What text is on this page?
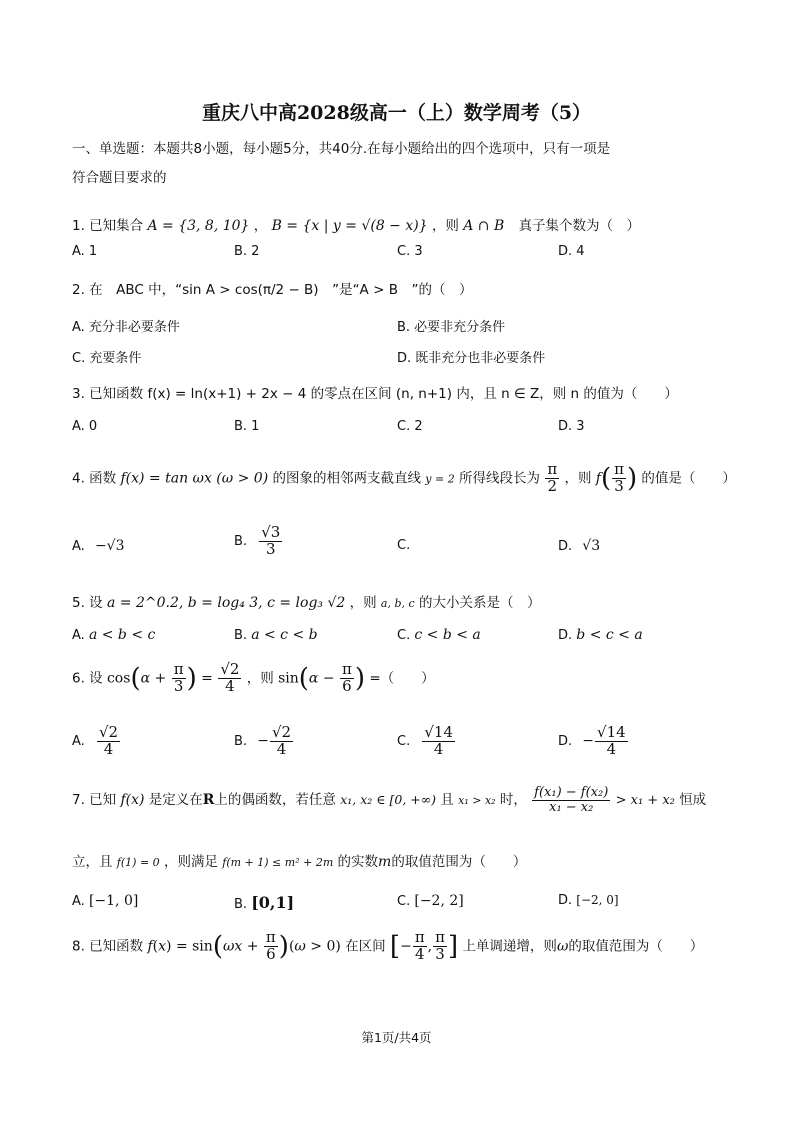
重庆八中高2028级高一（上）数学周考（5）
一、单选题：本题共8小题，每小题5分，共40分.在每小题给出的四个选项中，只有一项是
符合题目要求的
1. 已知集合 A = {3, 8, 10} ， B = {x | y = √(8 − x)} ，则 A ∩ B 真子集个数为（　）
A. 1	B. 2	C. 3	D. 4
2. 在　ABC 中，“sin A > cos(π/2 − B)　”是“A > B　”的（　）
A. 充分非必要条件	B. 必要非充分条件
C. 充要条件	D. 既非充分也非必要条件
3. 已知函数 f(x) = ln(x+1) + 2x − 4 的零点在区间 (n, n+1) 内，且 n ∈ Z，则 n 的值为（　　）
A. 0	B. 1	C. 2	D. 3
4. 函数 f(x) = tan ωx (ω > 0) 的图象的相邻两支截直线 y = 2 所得线段长为 $\frac{\pi}{2}$ ，则 $f( \frac{\pi}{3}$ ) 的值是（　　）
A. −√3	B. $\frac{√3}{3}$	C.	D. √3
5. 设 a = 2^0.2, b = log₄ 3, c = log₃ √2 ，则 a, b, c 的大小关系是（　）
A. a < b < c	B. a < c < b	C. c < b < a	D. b < c < a
6. 设 $\cos(\alpha + \frac{\pi}{3}$ ) = $\frac{√2}{4}$ ，则 $\sin(\alpha - \frac{\pi}{6}$ ) =（　　）
A. $\frac{√2}{4}$	B. − $\frac{√2}{4}$	C. $\frac{√14}{4}$	D. − $\frac{√14}{4}$
7. 已知 f(x) 是定义在R上的偶函数，若任意 x₁, x₂ ∈ [0, +∞) 且 x₁ > x₂ 时， $\frac{\text{f(x₁) − f(x₂)}}{\text{x₁ − x₂}} > x_1 + x_2$ 恒成
立，且 f(1) = 0 ，则满足 f(m + 1) ≤ m² + 2m 的实数m的取值范围为（　　）
A. [−1, 0]	B. [0,1]	C. [−2, 2]	D. [−2, 0]
8. 已知函数 $f(x) = \sin(\omega x + \frac{\pi}{6} )(\omega > 0)$ 在区间 [− $\frac{\pi}{4}$ , $\frac{\pi}{3}$ ] 上单调递增，则ω的取值范围为（　　）
第1页/共4页
